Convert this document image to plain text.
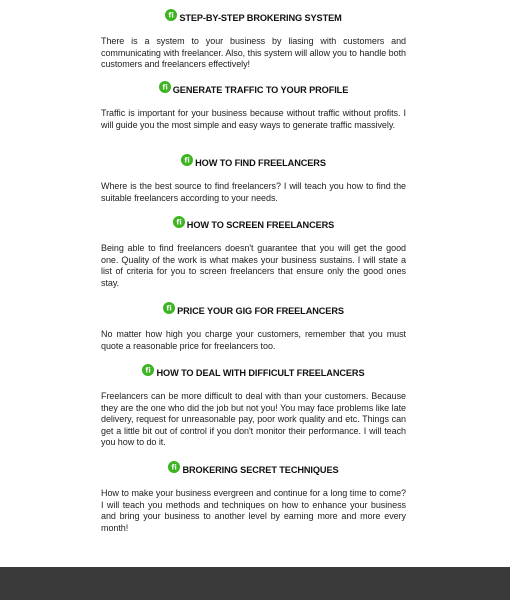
fi STEP-BY-STEP BROKERING SYSTEM
There is a system to your business by liasing with customers and communicating with freelancer. Also, this system will allow you to handle both customers and freelancers effectively!
fi GENERATE TRAFFIC TO YOUR PROFILE
Traffic is important for your business because without traffic without profits. I will guide you the most simple and easy ways to generate traffic massively.
fi HOW TO FIND FREELANCERS
Where is the best source to find freelancers? I will teach you how to find the suitable freelancers according to your needs.
fi HOW TO SCREEN FREELANCERS
Being able to find freelancers doesn't guarantee that you will get the good one. Quality of the work is what makes your business sustains. I will state a list of criteria for you to screen freelancers that ensure only the good ones stay.
fi PRICE YOUR GIG FOR FREELANCERS
No matter how high you charge your customers, remember that you must quote a reasonable price for freelancers too.
fi HOW TO DEAL WITH DIFFICULT FREELANCERS
Freelancers can be more difficult to deal with than your customers. Because they are the one who did the job but not you! You may face problems like late delivery, request for unreasonable pay, poor work quality and etc. Things can get a little bit out of control if you don't monitor their performance. I will teach you how to do it.
fi BROKERING SECRET TECHNIQUES
How to make your business evergreen and continue for a long time to come? I will teach you methods and techniques on how to enhance your business and bring your business to another level by earning more and more every month!
